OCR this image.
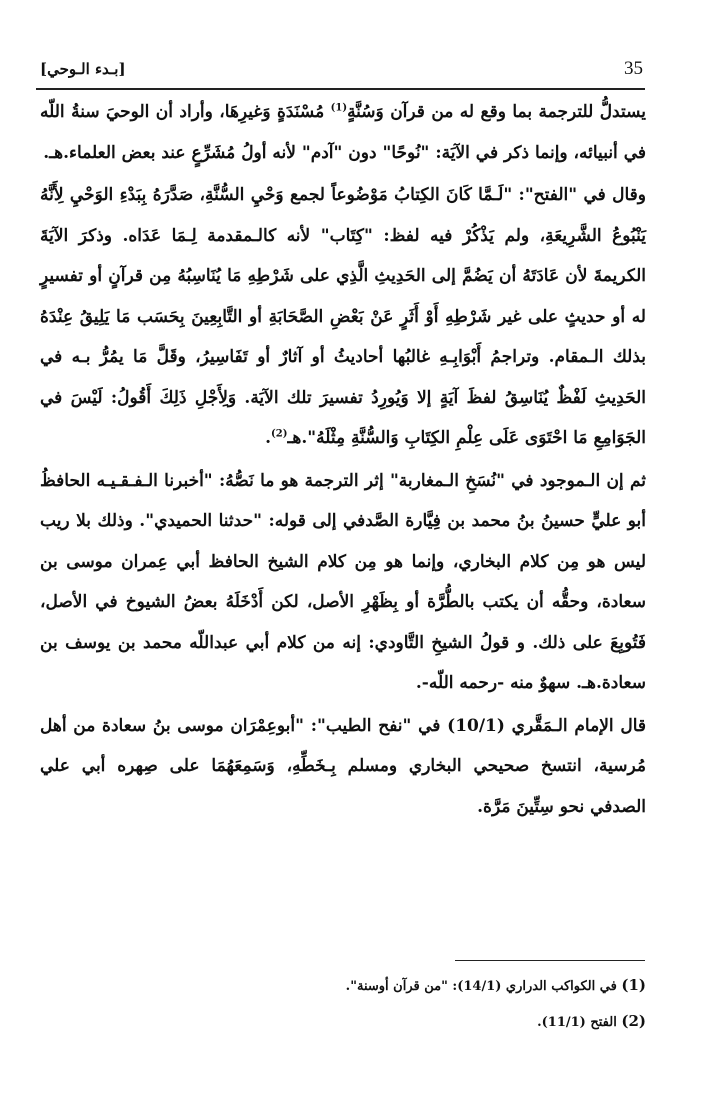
[بـدء الـوحي]	35

يستدلُّ للترجمة بما وقع له من قرآن وَسُنَّةٍ$^{(1)}$ مُسْنَدَةٍ وَغيرِهَا، وأراد أن الوحيَ سنةُ اللّه في أنبيائه، وإنما ذكر في الآيَة: "نُوحًا" دون "آدم" لأنه أولُ مُشَرِّعٍ عند بعض العلماء.هـ.

وقال في "الفتح": "لَـمَّا كَانَ الكِتابُ مَوْضُوعاً لجمع وَحْيِ السُّنَّةِ، صَدَّرَهُ بِبَدْءِ الوَحْيِ لِأَنَّهُ يَنْبُوعُ الشَّرِيعَةِ، ولم يَذْكُرْ فيه لفظ: "كِتَاب" لأنه كالـمقدمة لِـمَا عَدَاه. وذكرَ الآيَةَ الكريمةَ لأن عَادَتَهُ أن يَضُمَّ إلى الحَدِيثِ الَّذِي على شَرْطِهِ مَا يُنَاسِبُهُ مِن قرآنٍ أو تفسيرٍ له أو حديثٍ على غير شَرْطِهِ أَوْ أَثَرٍ عَنْ بَعْضِ الصَّحَابَةِ أو التَّابِعِينَ بِحَسَب مَا يَلِيقُ عِنْدَهُ بذلك الـمقام. وتراجمُ أَبْوَابِـهِ غالبُها أحاديثُ أو آثارٌ أو تَفَاسِيرُ، وقَلَّ مَا يمُرُّ بـه في الحَدِيثِ لَفْظٌ يُنَاسِقُ لفظَ آيَةٍ إلا وَيُورِدُ تفسيرَ تلك الآيَة. وَلِأَجْلِ ذَلِكَ أَقُولُ: لَيْسَ في الجَوَامِعِ مَا احْتَوَى عَلَى عِلْمِ الكِتَابِ وَالسُّنَّةِ مِثْلَهُ".هـ$^{(2)}$.

ثم إن الـموجود في "نُسَخِ الـمغاربة" إثر الترجمة هو ما نَصُّهُ: "أخبرنا الـفـقـيـه الحافظُ أبو عليٍّ حسينُ بنُ محمد بن فِيَّارة الصَّدفي إلى قوله: "حدثنا الحميدي". وذلك بلا ريب ليس هو مِن كلام البخاري، وإنما هو مِن كلام الشيخ الحافظ أبي عِمران موسى بن سعادة، وحقُّه أن يكتب بالطُّرَّة أو بِظَهْرِ الأصل، لكن أَدْخَلَهُ بعضُ الشيوخ في الأصل، فَتُوبِعَ على ذلك. و قولُ الشيخِ التَّاودي: إنه من كلام أبي عبداللّه محمد بن يوسف بن سعادة.هـ. سهوٌ منه -رحمه اللّه-.

قال الإمام الـمَقَّري (10/1) في "نفح الطيب": "أبوعِمْرَان موسى بنُ سعادة من أهل مُرسية، انتسخ صحيحي البخاري ومسلم بِـخَطِّهِ، وَسَمِعَهُمَا على صِهره أبي علي الصدفي نحو سِتِّينَ مَرَّة.

(1) في الكواكب الدراري (14/1): "من قرآن أوسنة".
(2) الفتح (11/1).
